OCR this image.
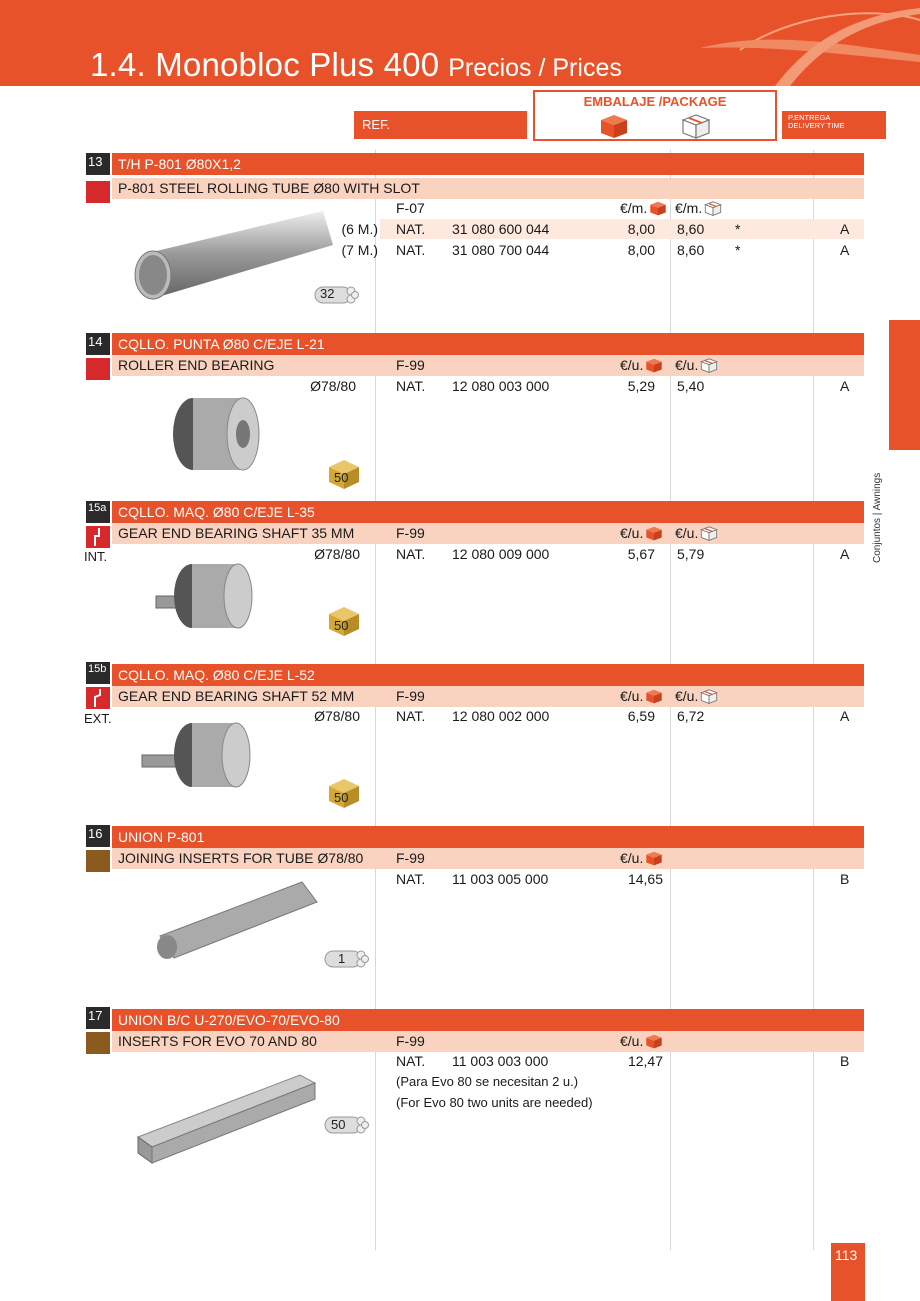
1.4. Monobloc Plus 400 Precios / Prices
REF.
EMBALAJE /PACKAGE
P.ENTREGA
DELIVERY TIME
13	T/H P-801 Ø80X1,2
P-801 STEEL ROLLING TUBE Ø80 WITH SLOT
F-07	€/m.	€/m.
(6 M.) NAT. 31 080 600 044	8,00 8,60 *	A
(7 M.) NAT. 31 080 700 044	8,00 8,60 *	A
32
14	CQLLO. PUNTA Ø80 C/EJE L-21
ROLLER END BEARING	F-99	€/u.	€/u.
Ø78/80	NAT. 12 080 003 000	5,29 5,40	A
50
15a
INT.
CQLLO. MAQ. Ø80 C/EJE L-35
GEAR END BEARING SHAFT 35 MM	F-99	€/u.	€/u.
Ø78/80	NAT. 12 080 009 000	5,67 5,79	A
50
15b
EXT.
CQLLO. MAQ. Ø80 C/EJE L-52
GEAR END BEARING SHAFT 52 MM	F-99	€/u.	€/u.
Ø78/80	NAT. 12 080 002 000	6,59 6,72	A
50
16	UNION P-801
JOINING INSERTS FOR TUBE Ø78/80	F-99	€/u.
NAT. 11 003 005 000	14,65	B
1
17	UNION B/C U-270/EVO-70/EVO-80
INSERTS FOR EVO 70 AND 80	F-99	€/u.
NAT. 11 003 003 000	12,47	B
(Para Evo 80 se necesitan 2 u.)
(For Evo 80 two units are needed)
50
Conjuntos | Awnings
113
